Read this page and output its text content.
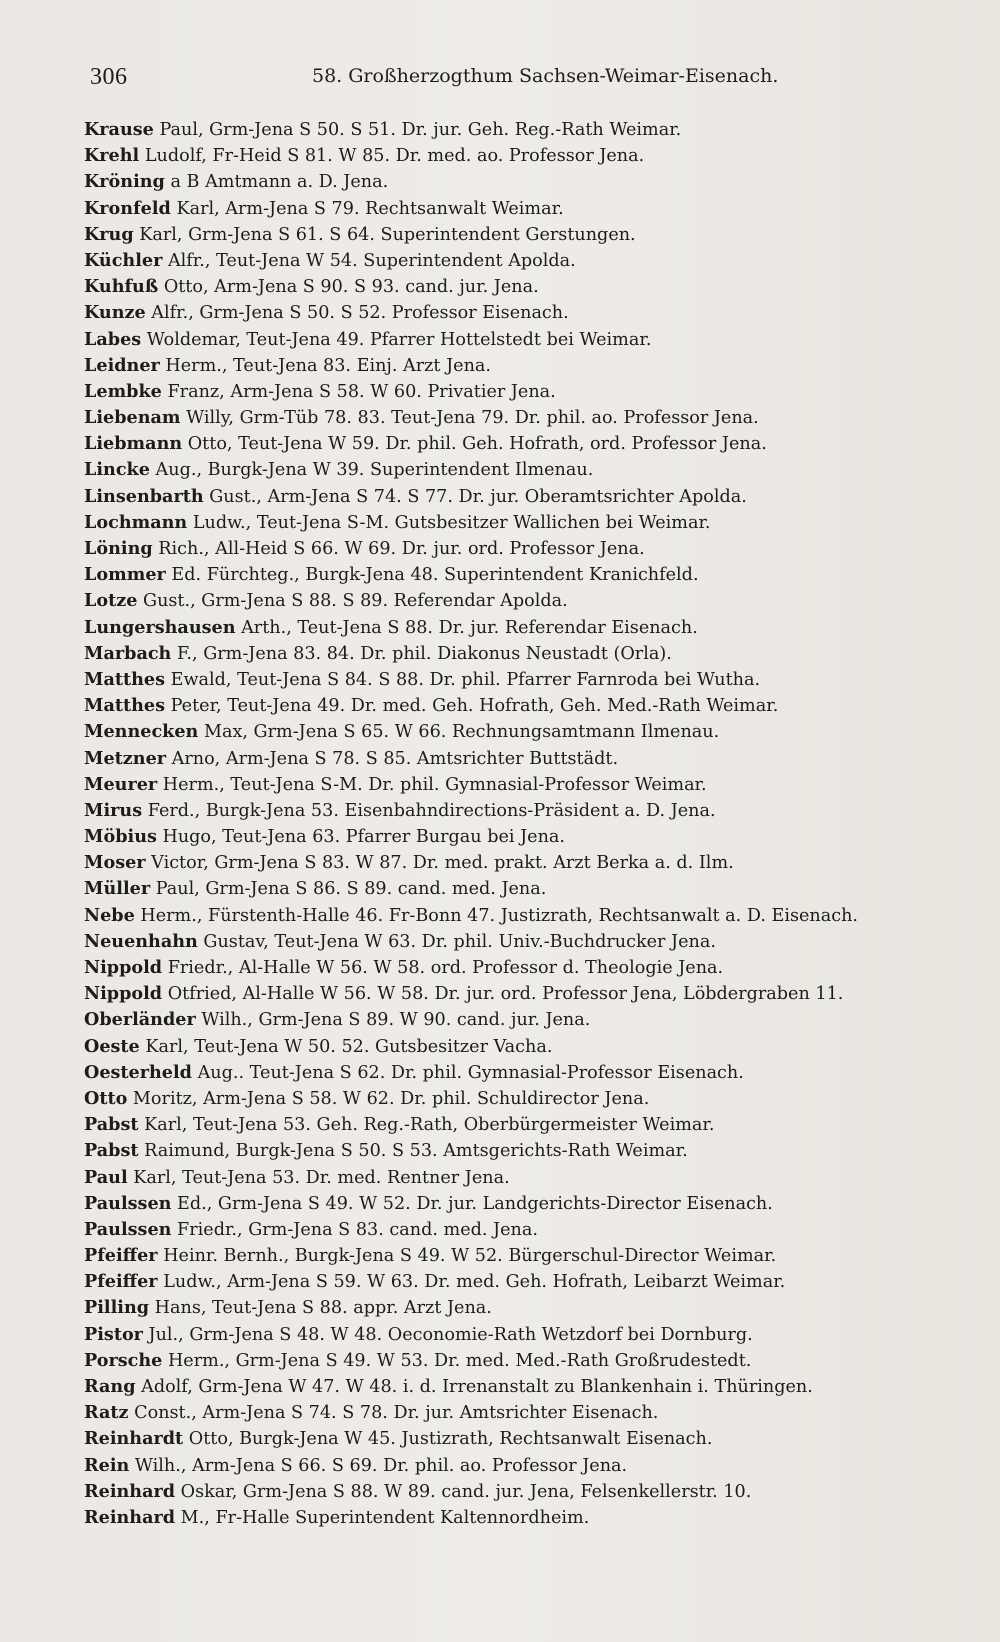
306	58. Großherzogthum Sachsen-Weimar-Eisenach.
Krause Paul, Grm-Jena S 50. S 51. Dr. jur. Geh. Reg.-Rath Weimar.
Krehl Ludolf, Fr-Heid S 81. W 85. Dr. med. ao. Professor Jena.
Kröning a B Amtmann a. D. Jena.
Kronfeld Karl, Arm-Jena S 79. Rechtsanwalt Weimar.
Krug Karl, Grm-Jena S 61. S 64. Superintendent Gerstungen.
Küchler Alfr., Teut-Jena W 54. Superintendent Apolda.
Kuhfuß Otto, Arm-Jena S 90. S 93. cand. jur. Jena.
Kunze Alfr., Grm-Jena S 50. S 52. Professor Eisenach.
Labes Woldemar, Teut-Jena 49. Pfarrer Hottelstedt bei Weimar.
Leidner Herm., Teut-Jena 83. Einj. Arzt Jena.
Lembke Franz, Arm-Jena S 58. W 60. Privatier Jena.
Liebenam Willy, Grm-Tüb 78. 83. Teut-Jena 79. Dr. phil. ao. Professor Jena.
Liebmann Otto, Teut-Jena W 59. Dr. phil. Geh. Hofrath, ord. Professor Jena.
Lincke Aug., Burgk-Jena W 39. Superintendent Ilmenau.
Linsenbarth Gust., Arm-Jena S 74. S 77. Dr. jur. Oberamtsrichter Apolda.
Lochmann Ludw., Teut-Jena S-M. Gutsbesitzer Wallichen bei Weimar.
Löning Rich., All-Heid S 66. W 69. Dr. jur. ord. Professor Jena.
Lommer Ed. Fürchteg., Burgk-Jena 48. Superintendent Kranichfeld.
Lotze Gust., Grm-Jena S 88. S 89. Referendar Apolda.
Lungershausen Arth., Teut-Jena S 88. Dr. jur. Referendar Eisenach.
Marbach F., Grm-Jena 83. 84. Dr. phil. Diakonus Neustadt (Orla).
Matthes Ewald, Teut-Jena S 84. S 88. Dr. phil. Pfarrer Farnroda bei Wutha.
Matthes Peter, Teut-Jena 49. Dr. med. Geh. Hofrath, Geh. Med.-Rath Weimar.
Mennecken Max, Grm-Jena S 65. W 66. Rechnungsamtmann Ilmenau.
Metzner Arno, Arm-Jena S 78. S 85. Amtsrichter Buttstädt.
Meurer Herm., Teut-Jena S-M. Dr. phil. Gymnasial-Professor Weimar.
Mirus Ferd., Burgk-Jena 53. Eisenbahndirections-Präsident a. D. Jena.
Möbius Hugo, Teut-Jena 63. Pfarrer Burgau bei Jena.
Moser Victor, Grm-Jena S 83. W 87. Dr. med. prakt. Arzt Berka a. d. Ilm.
Müller Paul, Grm-Jena S 86. S 89. cand. med. Jena.
Nebe Herm., Fürstenth-Halle 46. Fr-Bonn 47. Justizrath, Rechtsanwalt a. D. Eisenach.
Neuenhahn Gustav, Teut-Jena W 63. Dr. phil. Univ.-Buchdrucker Jena.
Nippold Friedr., Al-Halle W 56. W 58. ord. Professor d. Theologie Jena.
Nippold Otfried, Al-Halle W 56. W 58. Dr. jur. ord. Professor Jena, Löbdergraben 11.
Oberländer Wilh., Grm-Jena S 89. W 90. cand. jur. Jena.
Oeste Karl, Teut-Jena W 50. 52. Gutsbesitzer Vacha.
Oesterheld Aug.. Teut-Jena S 62. Dr. phil. Gymnasial-Professor Eisenach.
Otto Moritz, Arm-Jena S 58. W 62. Dr. phil. Schuldirector Jena.
Pabst Karl, Teut-Jena 53. Geh. Reg.-Rath, Oberbürgermeister Weimar.
Pabst Raimund, Burgk-Jena S 50. S 53. Amtsgerichts-Rath Weimar.
Paul Karl, Teut-Jena 53. Dr. med. Rentner Jena.
Paulssen Ed., Grm-Jena S 49. W 52. Dr. jur. Landgerichts-Director Eisenach.
Paulssen Friedr., Grm-Jena S 83. cand. med. Jena.
Pfeiffer Heinr. Bernh., Burgk-Jena S 49. W 52. Bürgerschul-Director Weimar.
Pfeiffer Ludw., Arm-Jena S 59. W 63. Dr. med. Geh. Hofrath, Leibarzt Weimar.
Pilling Hans, Teut-Jena S 88. appr. Arzt Jena.
Pistor Jul., Grm-Jena S 48. W 48. Oeconomie-Rath Wetzdorf bei Dornburg.
Porsche Herm., Grm-Jena S 49. W 53. Dr. med. Med.-Rath Großrudestedt.
Rang Adolf, Grm-Jena W 47. W 48. i. d. Irrenanstalt zu Blankenhain i. Thüringen.
Ratz Const., Arm-Jena S 74. S 78. Dr. jur. Amtsrichter Eisenach.
Reinhardt Otto, Burgk-Jena W 45. Justizrath, Rechtsanwalt Eisenach.
Rein Wilh., Arm-Jena S 66. S 69. Dr. phil. ao. Professor Jena.
Reinhard Oskar, Grm-Jena S 88. W 89. cand. jur. Jena, Felsenkellerstr. 10.
Reinhard M., Fr-Halle Superintendent Kaltennordheim.
